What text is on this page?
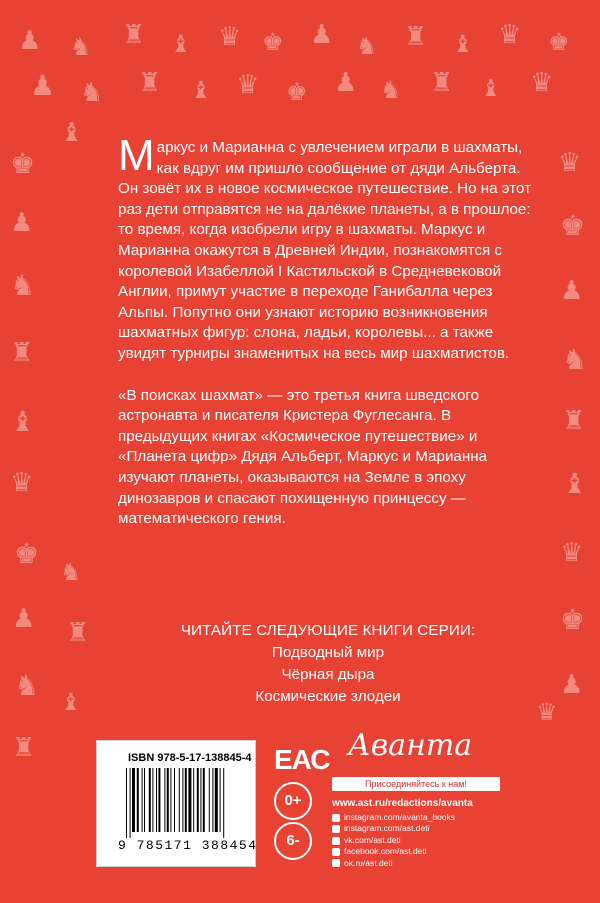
♟ ♞ ♜ ♝ ♛ ♚ ♟ ♞ ♜ ♝ ♛ ♚
♟ ♞ ♜ ♝ ♛ ♚ ♟ ♞ ♜ ♝ ♛
♚
♟
♞
♜
♝
♛
♚
♟
♞
♜
♝
♛
♚
♟
♞
♜
♝
♛
♚
♟
♞
♜
♝	♛
М аркус и Марианна с увлечением играли в шахматы, как вдруг им пришло сообщение от дяди Альберта. Он зовёт их в новое космическое путешествие. Но на этот раз дети отправятся не на далёкие планеты, а в прошлое: то время, когда изобрели игру в шахматы. Маркус и Марианна окажутся в Древней Индии, познакомятся с королевой Изабеллой I Кастильской в Средневековой Англии, примут участие в переходе Ганибалла через Альпы. Попутно они узнают историю возникновения шахматных фигур: слона, ладьи, королевы... а также увидят турниры знаменитых на весь мир шахматистов.

«В поисках шахмат» — это третья книга шведского астронавта и писателя Кристера Фуглесанга. В предыдущих книгах «Космическое путешествие» и «Планета цифр» Дядя Альберт, Маркус и Марианна изучают планеты, оказываются на Земле в эпоху динозавров и спасают похищенную принцессу — математического гения.

ЧИТАЙТЕ СЛЕДУЮЩИЕ КНИГИ СЕРИИ:
Подводный мир
Чёрная дыра
Космические злодеи
ISBN 978-5-17-138845-4
9 785171 388454
ЕАС
0+
6-
Аванта
Присоединяйтесь к нам!
www.ast.ru/redactions/avanta
instagram.com/avanta_books
instagram.com/ast.deti
vk.com/ast.deti
facebook.com/ast.deti
ok.ru/ast.deti
